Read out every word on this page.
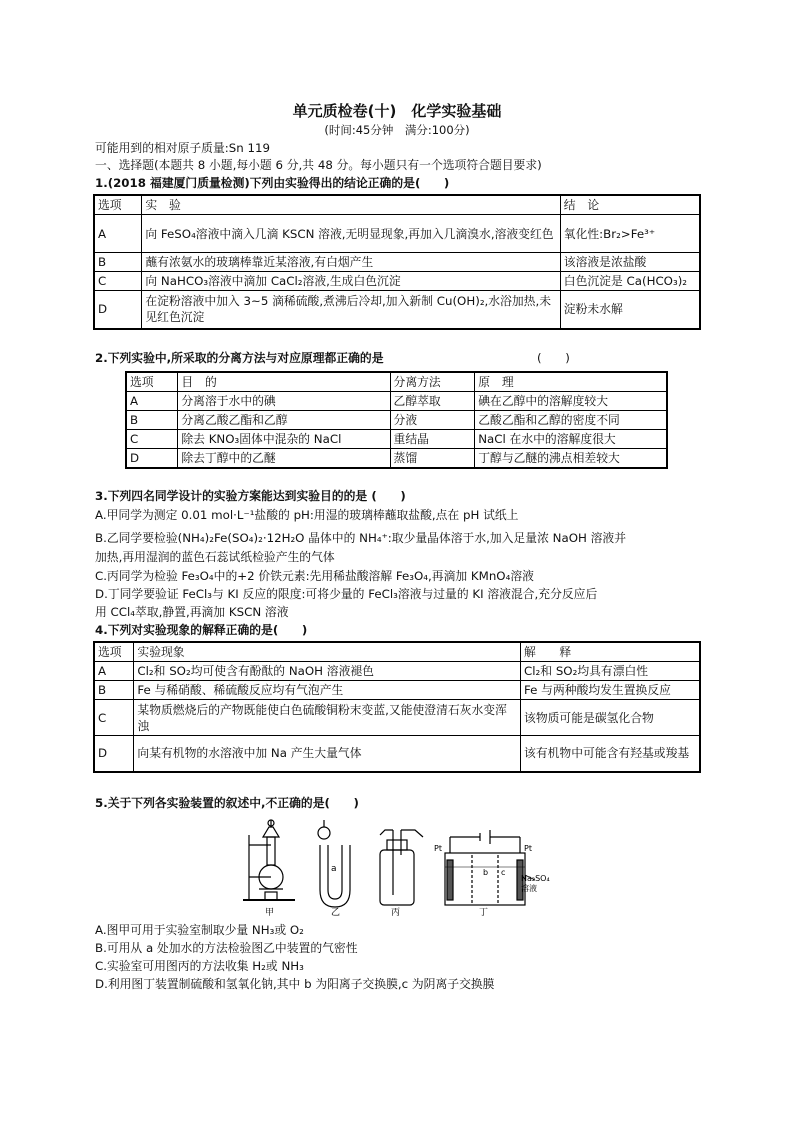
单元质检卷(十)　化学实验基础
(时间:45分钟　满分:100分)
可能用到的相对原子质量:Sn 119
一、选择题(本题共 8 小题,每小题 6 分,共 48 分。每小题只有一个选项符合题目要求)
1.(2018 福建厦门质量检测)下列由实验得出的结论正确的是(　　)
选项	实　验	结　论
A	向 FeSO₄溶液中滴入几滴 KSCN 溶液,无明显现象,再加入几滴溴水,溶液变红色	氧化性:Br₂>Fe³⁺
B	蘸有浓氨水的玻璃棒靠近某溶液,有白烟产生	该溶液是浓盐酸
C	向 NaHCO₃溶液中滴加 CaCl₂溶液,生成白色沉淀	白色沉淀是 Ca(HCO₃)₂
D	在淀粉溶液中加入 3~5 滴稀硫酸,煮沸后冷却,加入新制 Cu(OH)₂,水浴加热,未见红色沉淀	淀粉未水解
2.下列实验中,所采取的分离方法与对应原理都正确的是	(　　)
选项	目　的	分离方法	原　理
A	分离溶于水中的碘	乙醇萃取	碘在乙醇中的溶解度较大
B	分离乙酸乙酯和乙醇	分液	乙酸乙酯和乙醇的密度不同
C	除去 KNO₃固体中混杂的 NaCl	重结晶	NaCl 在水中的溶解度很大
D	除去丁醇中的乙醚	蒸馏	丁醇与乙醚的沸点相差较大
3.下列四名同学设计的实验方案能达到实验目的的是 (　　)
A.甲同学为测定 0.01 mol·L⁻¹盐酸的 pH:用湿的玻璃棒蘸取盐酸,点在 pH 试纸上
B.乙同学要检验(NH₄)₂Fe(SO₄)₂·12H₂O 晶体中的 NH₄⁺:取少量晶体溶于水,加入足量浓 NaOH 溶液并
加热,再用湿润的蓝色石蕊试纸检验产生的气体
C.丙同学为检验 Fe₃O₄中的+2 价铁元素:先用稀盐酸溶解 Fe₃O₄,再滴加 KMnO₄溶液
D.丁同学要验证 FeCl₃与 KI 反应的限度:可将少量的 FeCl₃溶液与过量的 KI 溶液混合,充分反应后
用 CCl₄萃取,静置,再滴加 KSCN 溶液
4.下列对实验现象的解释正确的是(　　)
选项	实验现象	解　　释
A	Cl₂和 SO₂均可使含有酚酞的 NaOH 溶液褪色	Cl₂和 SO₂均具有漂白性
B	Fe 与稀硝酸、稀硫酸反应均有气泡产生	Fe 与两种酸均发生置换反应
C	某物质燃烧后的产物既能使白色硫酸铜粉末变蓝,又能使澄清石灰水变浑浊	该物质可能是碳氢化合物
D	向某有机物的水溶液中加 Na 产生大量气体	该有机物中可能含有羟基或羧基
5.关于下列各实验装置的叙述中,不正确的是(　　)
a
Pt	Pt
b c
Na₂SO₄
溶液
甲	乙	丙	丁
A.图甲可用于实验室制取少量 NH₃或 O₂
B.可用从 a 处加水的方法检验图乙中装置的气密性
C.实验室可用图丙的方法收集 H₂或 NH₃
D.利用图丁装置制硫酸和氢氧化钠,其中 b 为阳离子交换膜,c 为阴离子交换膜
